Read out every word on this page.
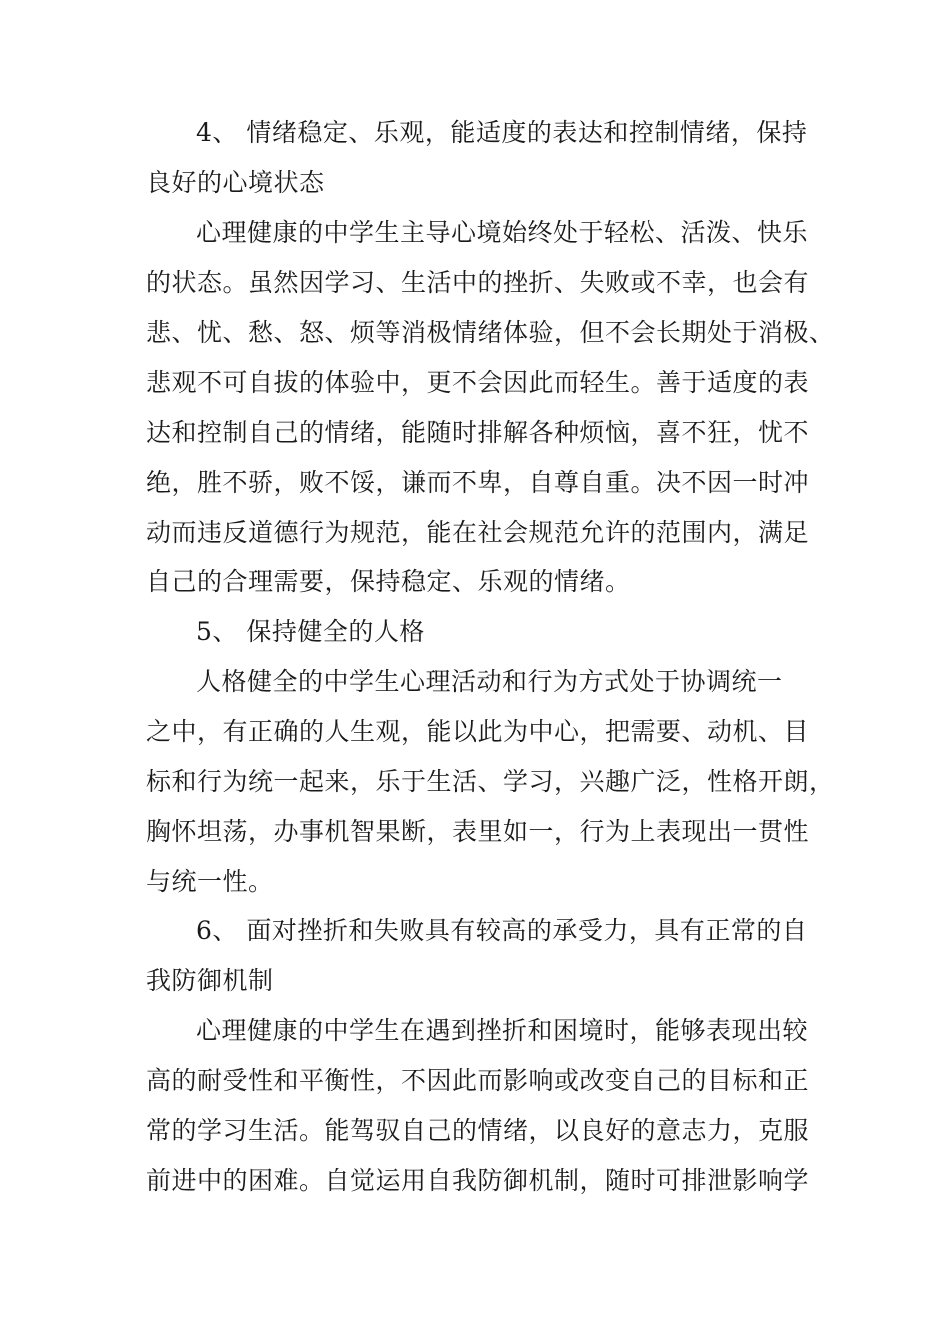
4、 情绪稳定、乐观，能适度的表达和控制情绪，保持
良好的心境状态
心理健康的中学生主导心境始终处于轻松、活泼、快乐
的状态。虽然因学习、生活中的挫折、失败或不幸，也会有
悲、忧、愁、怒、烦等消极情绪体验，但不会长期处于消极、
悲观不可自拔的体验中，更不会因此而轻生。善于适度的表
达和控制自己的情绪，能随时排解各种烦恼，喜不狂，忧不
绝，胜不骄，败不馁，谦而不卑，自尊自重。决不因一时冲
动而违反道德行为规范，能在社会规范允许的范围内，满足
自己的合理需要，保持稳定、乐观的情绪。
5、 保持健全的人格
人格健全的中学生心理活动和行为方式处于协调统一
之中，有正确的人生观，能以此为中心，把需要、动机、目
标和行为统一起来，乐于生活、学习，兴趣广泛，性格开朗，
胸怀坦荡，办事机智果断，表里如一，行为上表现出一贯性
与统一性。
6、 面对挫折和失败具有较高的承受力，具有正常的自
我防御机制
心理健康的中学生在遇到挫折和困境时，能够表现出较
高的耐受性和平衡性，不因此而影响或改变自己的目标和正
常的学习生活。能驾驭自己的情绪，以良好的意志力，克服
前进中的困难。自觉运用自我防御机制，随时可排泄影响学
